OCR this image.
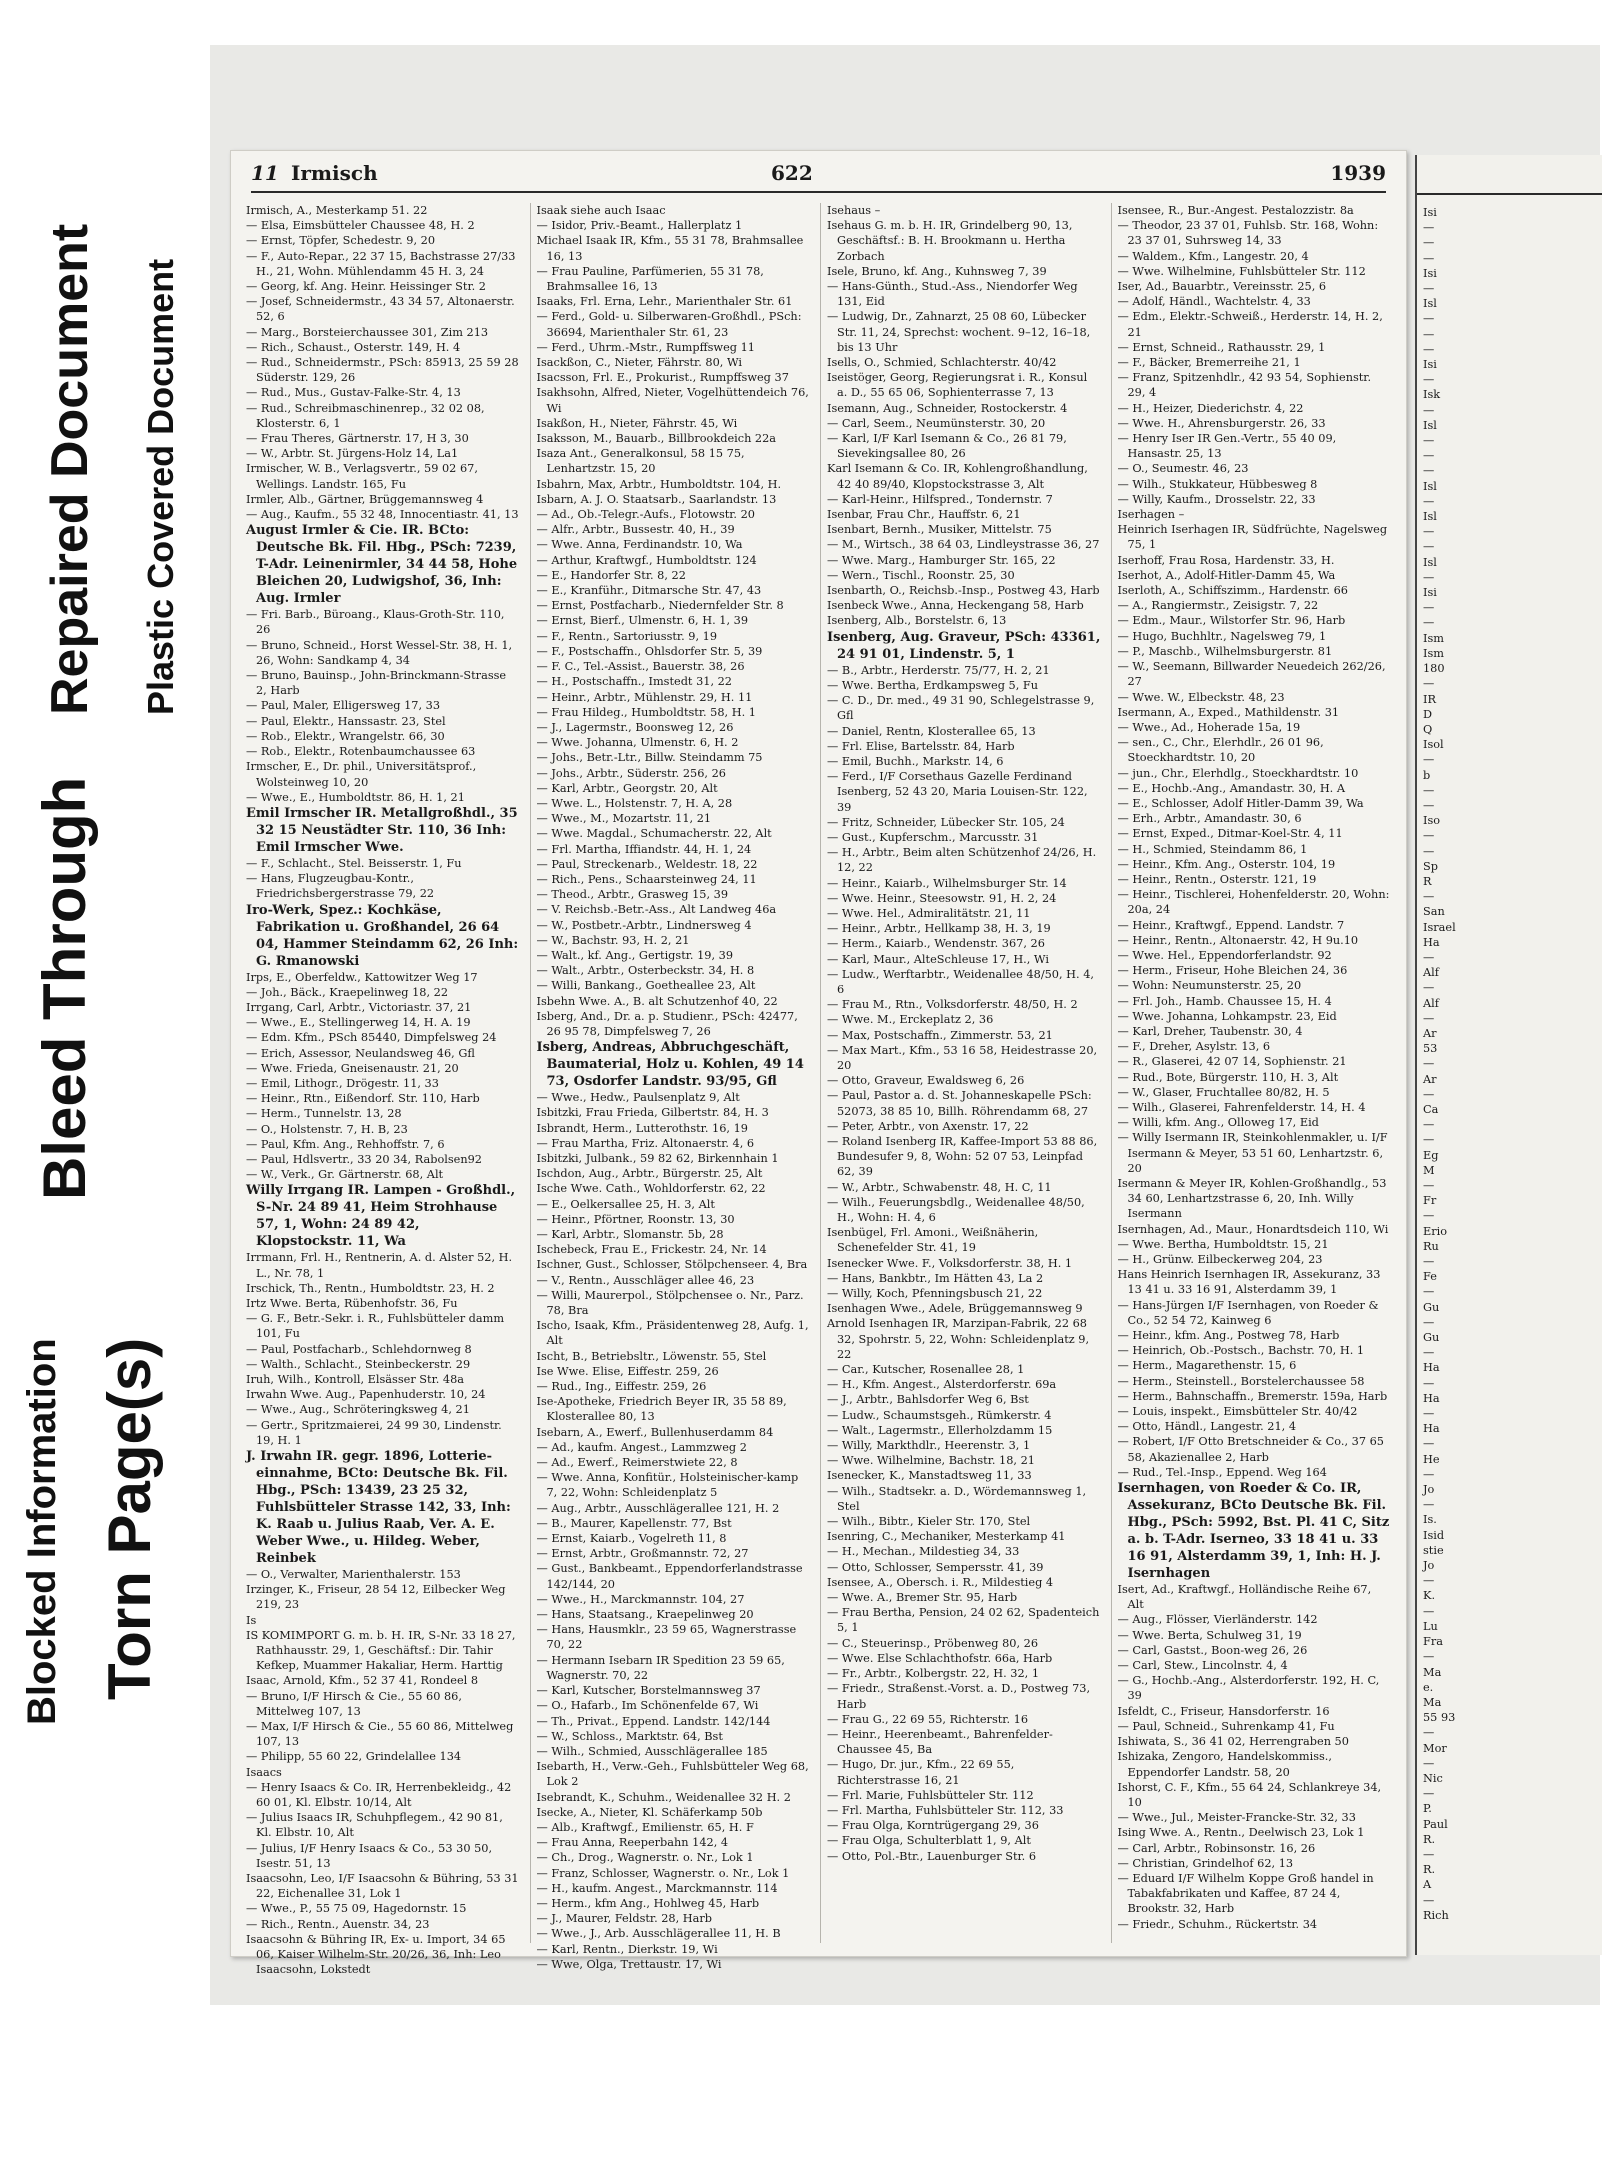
Blocked Information Torn Page(s)
Bleed Through
Repaired Document Plastic Covered Document
11 Irmisch	622	1939

Irmisch, A., Mesterkamp 51. 22

— Elsa, Eimsbütteler Chaussee 48, H. 2

— Ernst, Töpfer, Schedestr. 9, 20

— F., Auto-Repar., 22 37 15, Bachstrasse 27/33 H., 21, Wohn. Mühlendamm 45 H. 3, 24

— Georg, kf. Ang. Heinr. Heissinger Str. 2

— Josef, Schneidermstr., 43 34 57, Altonaerstr. 52, 6

— Marg., Borsteierchaussee 301, Zim 213

— Rich., Schaust., Osterstr. 149, H. 4

— Rud., Schneidermstr., PSch: 85913, 25 59 28 Süderstr. 129, 26

— Rud., Mus., Gustav-Falke-Str. 4, 13

— Rud., Schreibmaschinenrep., 32 02 08, Klosterstr. 6, 1

— Frau Theres, Gärtnerstr. 17, H 3, 30

— W., Arbtr. St. Jürgens-Holz 14, La1

Irmischer, W. B., Verlagsvertr., 59 02 67, Wellings. Landstr. 165, Fu

Irmler, Alb., Gärtner, Brüggemannsweg 4

— Aug., Kaufm., 55 32 48, Innocentiastr. 41, 13

August Irmler & Cie. IR. BCto: Deutsche Bk. Fil. Hbg., PSch: 7239, T-Adr. Leinenirmler, 34 44 58, Hohe Bleichen 20, Ludwigshof, 36, Inh: Aug. Irmler

— Fri. Barb., Büroang., Klaus-Groth-Str. 110, 26

— Bruno, Schneid., Horst Wessel-Str. 38, H. 1, 26, Wohn: Sandkamp 4, 34

— Bruno, Bauinsp., John-Brinckmann-Strasse 2, Harb

— Paul, Maler, Elligersweg 17, 33

— Paul, Elektr., Hanssastr. 23, Stel

— Rob., Elektr., Wrangelstr. 66, 30

— Rob., Elektr., Rotenbaumchaussee 63

Irmscher, E., Dr. phil., Universitätsprof., Wolsteinweg 10, 20

— Wwe., E., Humboldtstr. 86, H. 1, 21

Emil Irmscher IR. Metallgroßhdl., 35 32 15 Neustädter Str. 110, 36 Inh: Emil Irmscher Wwe.

— F., Schlacht., Stel. Beisserstr. 1, Fu

— Hans, Flugzeugbau-Kontr., Friedrichsbergerstrasse 79, 22

Iro-Werk, Spez.: Kochkäse, Fabrikation u. Großhandel, 26 64 04, Hammer Steindamm 62, 26 Inh: G. Rmanowski

Irps, E., Oberfeldw., Kattowitzer Weg 17

— Joh., Bäck., Kraepelinweg 18, 22

Irrgang, Carl, Arbtr., Victoriastr. 37, 21

— Wwe., E., Stellingerweg 14, H. A. 19

— Edm. Kfm., PSch 85440, Dimpfelsweg 24

— Erich, Assessor, Neulandsweg 46, Gfl

— Wwe. Frieda, Gneisenaustr. 21, 20

— Emil, Lithogr., Drögestr. 11, 33

— Heinr., Rtn., Eißendorf. Str. 110, Harb

— Herm., Tunnelstr. 13, 28

— O., Holstenstr. 7, H. B, 23

— Paul, Kfm. Ang., Rehhoffstr. 7, 6

— Paul, Hdlsvertr., 33 20 34, Rabolsen92

— W., Verk., Gr. Gärtnerstr. 68, Alt

Willy Irrgang IR. Lampen - Großhdl., S-Nr. 24 89 41, Heim Strohhause 57, 1, Wohn: 24 89 42, Klopstockstr. 11, Wa

Irrmann, Frl. H., Rentnerin, A. d. Alster 52, H. L., Nr. 78, 1

Irschick, Th., Rentn., Humboldtstr. 23, H. 2

Irtz Wwe. Berta, Rübenhofstr. 36, Fu

— G. F., Betr.-Sekr. i. R., Fuhlsbütteler damm 101, Fu

— Paul, Postfacharb., Schlehdornweg 8

— Walth., Schlacht., Steinbeckerstr. 29

Iruh, Wilh., Kontroll, Elsässer Str. 48a

Irwahn Wwe. Aug., Papenhuderstr. 10, 24

— Wwe., Aug., Schröteringksweg 4, 21

— Gertr., Spritzmaierei, 24 99 30, Lindenstr. 19, H. 1

J. Irwahn IR. gegr. 1896, Lotterie-einnahme, BCto: Deutsche Bk. Fil. Hbg., PSch: 13439, 23 25 32, Fuhlsbütteler Strasse 142, 33, Inh: K. Raab u. Julius Raab, Ver. A. E. Weber Wwe., u. Hildeg. Weber, Reinbek

— O., Verwalter, Marienthalerstr. 153

Irzinger, K., Friseur, 28 54 12, Eilbecker Weg 219, 23

Is

IS KOMIMPORT G. m. b. H. IR, S-Nr. 33 18 27, Rathhausstr. 29, 1, Geschäftsf.: Dir. Tahir Kefkep, Muammer Hakaliar, Herm. Harttig

Isaac, Arnold, Kfm., 52 37 41, Rondeel 8

— Bruno, I/F Hirsch & Cie., 55 60 86, Mittelweg 107, 13

— Max, I/F Hirsch & Cie., 55 60 86, Mittelweg 107, 13

— Philipp, 55 60 22, Grindelallee 134

Isaacs

— Henry Isaacs & Co. IR, Herrenbekleidg., 42 60 01, Kl. Elbstr. 10/14, Alt

— Julius Isaacs IR, Schuhpflegem., 42 90 81, Kl. Elbstr. 10, Alt

— Julius, I/F Henry Isaacs & Co., 53 30 50, Isestr. 51, 13

Isaacsohn, Leo, I/F Isaacsohn & Bühring, 53 31 22, Eichenallee 31, Lok 1

— Wwe., P., 55 75 09, Hagedornstr. 15

— Rich., Rentn., Auenstr. 34, 23

Isaacsohn & Bühring IR, Ex- u. Import, 34 65 06, Kaiser Wilhelm-Str. 20/26, 36, Inh: Leo Isaacsohn, Lokstedt

Isaak siehe auch Isaac

— Isidor, Priv.-Beamt., Hallerplatz 1

Michael Isaak IR, Kfm., 55 31 78, Brahmsallee 16, 13

— Frau Pauline, Parfümerien, 55 31 78, Brahmsallee 16, 13

Isaaks, Frl. Erna, Lehr., Marienthaler Str. 61

— Ferd., Gold- u. Silberwaren-Großhdl., PSch: 36694, Marienthaler Str. 61, 23

— Ferd., Uhrm.-Mstr., Rumpffsweg 11

Isackßon, C., Nieter, Fährstr. 80, Wi

Isacsson, Frl. E., Prokurist., Rumpffsweg 37

Isakhsohn, Alfred, Nieter, Vogelhüttendeich 76, Wi

Isakßon, H., Nieter, Fährstr. 45, Wi

Isaksson, M., Bauarb., Billbrookdeich 22a

Isaza Ant., Generalkonsul, 58 15 75, Lenhartzstr. 15, 20

Isbahrn, Max, Arbtr., Humboldtstr. 104, H.

Isbarn, A. J. O. Staatsarb., Saarlandstr. 13

— Ad., Ob.-Telegr.-Aufs., Flotowstr. 20

— Alfr., Arbtr., Bussestr. 40, H., 39

— Wwe. Anna, Ferdinandstr. 10, Wa

— Arthur, Kraftwgf., Humboldtstr. 124

— E., Handorfer Str. 8, 22

— E., Kranführ., Ditmarsche Str. 47, 43

— Ernst, Postfacharb., Niedernfelder Str. 8

— Ernst, Bierf., Ulmenstr. 6, H. 1, 39

— F., Rentn., Sartoriusstr. 9, 19

— F., Postschaffn., Ohlsdorfer Str. 5, 39

— F. C., Tel.-Assist., Bauerstr. 38, 26

— H., Postschaffn., Imstedt 31, 22

— Heinr., Arbtr., Mühlenstr. 29, H. 11

— Frau Hildeg., Humboldtstr. 58, H. 1

— J., Lagermstr., Boonsweg 12, 26

— Wwe. Johanna, Ulmenstr. 6, H. 2

— Johs., Betr.-Ltr., Billw. Steindamm 75

— Johs., Arbtr., Süderstr. 256, 26

— Karl, Arbtr., Georgstr. 20, Alt

— Wwe. L., Holstenstr. 7, H. A, 28

— Wwe., M., Mozartstr. 11, 21

— Wwe. Magdal., Schumacherstr. 22, Alt

— Frl. Martha, Iffiandstr. 44, H. 1, 24

— Paul, Streckenarb., Weldestr. 18, 22

— Rich., Pens., Schaarsteinweg 24, 11

— Theod., Arbtr., Grasweg 15, 39

— V. Reichsb.-Betr.-Ass., Alt Landweg 46a

— W., Postbetr.-Arbtr., Lindnersweg 4

— W., Bachstr. 93, H. 2, 21

— Walt., kf. Ang., Gertigstr. 19, 39

— Walt., Arbtr., Osterbeckstr. 34, H. 8

— Willi, Bankang., Goetheallee 23, Alt

Isbehn Wwe. A., B. alt Schutzenhof 40, 22

Isberg, And., Dr. a. p. Studienr., PSch: 42477, 26 95 78, Dimpfelsweg 7, 26

Isberg, Andreas, Abbruchgeschäft, Baumaterial, Holz u. Kohlen, 49 14 73, Osdorfer Landstr. 93/95, Gfl

— Wwe., Hedw., Paulsenplatz 9, Alt

Isbitzki, Frau Frieda, Gilbertstr. 84, H. 3

Isbrandt, Herm., Lutterothstr. 16, 19

— Frau Martha, Friz. Altonaerstr. 4, 6

Isbitzki, Julbank., 59 82 62, Birkennhain 1

Ischdon, Aug., Arbtr., Bürgerstr. 25, Alt

Ische Wwe. Cath., Wohldorferstr. 62, 22

— E., Oelkersallee 25, H. 3, Alt

— Heinr., Pförtner, Roonstr. 13, 30

— Karl, Arbtr., Slomanstr. 5b, 28

Ischebeck, Frau E., Frickestr. 24, Nr. 14

Ischner, Gust., Schlosser, Stölpchenseer. 4, Bra

— V., Rentn., Ausschläger allee 46, 23

— Willi, Maurerpol., Stölpchensee o. Nr., Parz. 78, Bra

Ischo, Isaak, Kfm., Präsidentenweg 28, Aufg. 1, Alt

Ischt, B., Betriebsltr., Löwenstr. 55, Stel

Ise Wwe. Elise, Eiffestr. 259, 26

— Rud., Ing., Eiffestr. 259, 26

Ise-Apotheke, Friedrich Beyer IR, 35 58 89, Klosterallee 80, 13

Isebarn, A., Ewerf., Bullenhuserdamm 84

— Ad., kaufm. Angest., Lammzweg 2

— Ad., Ewerf., Reimerstwiete 22, 8

— Wwe. Anna, Konfitür., Holsteinischer-kamp 7, 22, Wohn: Schleidenplatz 5

— Aug., Arbtr., Ausschlägerallee 121, H. 2

— B., Maurer, Kapellenstr. 77, Bst

— Ernst, Kaiarb., Vogelreth 11, 8

— Ernst, Arbtr., Großmannstr. 72, 27

— Gust., Bankbeamt., Eppendorferlandstrasse 142/144, 20

— Wwe., H., Marckmannstr. 104, 27

— Hans, Staatsang., Kraepelinweg 20

— Hans, Hausmklr., 23 59 65, Wagnerstrasse 70, 22

— Hermann Isebarn IR Spedition 23 59 65, Wagnerstr. 70, 22

— Karl, Kutscher, Borstelmannsweg 37

— O., Hafarb., Im Schönenfelde 67, Wi

— Th., Privat., Eppend. Landstr. 142/144

— W., Schloss., Marktstr. 64, Bst

— Wilh., Schmied, Ausschlägerallee 185

Isebarth, H., Verw.-Geh., Fuhlsbütteler Weg 68, Lok 2

Isebrandt, K., Schuhm., Weidenallee 32 H. 2

Isecke, A., Nieter, Kl. Schäferkamp 50b

— Alb., Kraftwgf., Emilienstr. 65, H. F

— Frau Anna, Reeperbahn 142, 4

— Ch., Drog., Wagnerstr. o. Nr., Lok 1

— Franz, Schlosser, Wagnerstr. o. Nr., Lok 1

— H., kaufm. Angest., Marckmannstr. 114

— Herm., kfm Ang., Hohlweg 45, Harb

— J., Maurer, Feldstr. 28, Harb

— Wwe., J., Arb. Ausschlägerallee 11, H. B

— Karl, Rentn., Dierkstr. 19, Wi

— Wwe, Olga, Trettaustr. 17, Wi

Isehaus –

Isehaus G. m. b. H. IR, Grindelberg 90, 13, Geschäftsf.: B. H. Brookmann u. Hertha Zorbach

Isele, Bruno, kf. Ang., Kuhnsweg 7, 39

— Hans-Günth., Stud.-Ass., Niendorfer Weg 131, Eid

— Ludwig, Dr., Zahnarzt, 25 08 60, Lübecker Str. 11, 24, Sprechst: wochent. 9–12, 16–18, bis 13 Uhr

Isells, O., Schmied, Schlachterstr. 40/42

Iseistöger, Georg, Regierungsrat i. R., Konsul a. D., 55 65 06, Sophienterrasse 7, 13

Isemann, Aug., Schneider, Rostockerstr. 4

— Carl, Seem., Neumünsterstr. 30, 20

— Karl, I/F Karl Isemann & Co., 26 81 79, Sievekingsallee 80, 26

Karl Isemann & Co. IR, Kohlengroßhandlung, 42 40 89/40, Klopstockstrasse 3, Alt

— Karl-Heinr., Hilfspred., Tondernstr. 7

Isenbar, Frau Chr., Hauffstr. 6, 21

Isenbart, Bernh., Musiker, Mittelstr. 75

— M., Wirtsch., 38 64 03, Lindleystrasse 36, 27

— Wwe. Marg., Hamburger Str. 165, 22

— Wern., Tischl., Roonstr. 25, 30

Isenbarth, O., Reichsb.-Insp., Postweg 43, Harb

Isenbeck Wwe., Anna, Heckengang 58, Harb

Isenberg, Alb., Borstelstr. 6, 13

Isenberg, Aug. Graveur, PSch: 43361, 24 91 01, Lindenstr. 5, 1

— B., Arbtr., Herderstr. 75/77, H. 2, 21

— Wwe. Bertha, Erdkampsweg 5, Fu

— C. D., Dr. med., 49 31 90, Schlegelstrasse 9, Gfl

— Daniel, Rentn, Klosterallee 65, 13

— Frl. Elise, Bartelsstr. 84, Harb

— Emil, Buchh., Markstr. 14, 6

— Ferd., I/F Corsethaus Gazelle Ferdinand Isenberg, 52 43 20, Maria Louisen-Str. 122, 39

— Fritz, Schneider, Lübecker Str. 105, 24

— Gust., Kupferschm., Marcusstr. 31

— H., Arbtr., Beim alten Schützenhof 24/26, H. 12, 22

— Heinr., Kaiarb., Wilhelmsburger Str. 14

— Wwe. Heinr., Steesowstr. 91, H. 2, 24

— Wwe. Hel., Admiralitätstr. 21, 11

— Heinr., Arbtr., Hellkamp 38, H. 3, 19

— Herm., Kaiarb., Wendenstr. 367, 26

— Karl, Maur., AlteSchleuse 17, H., Wi

— Ludw., Werftarbtr., Weidenallee 48/50, H. 4, 6

— Frau M., Rtn., Volksdorferstr. 48/50, H. 2

— Wwe. M., Erckeplatz 2, 36

— Max, Postschaffn., Zimmerstr. 53, 21

— Max Mart., Kfm., 53 16 58, Heidestrasse 20, 20

— Otto, Graveur, Ewaldsweg 6, 26

— Paul, Pastor a. d. St. Johanneskapelle PSch: 52073, 38 85 10, Billh. Röhrendamm 68, 27

— Peter, Arbtr., von Axenstr. 17, 22

— Roland Isenberg IR, Kaffee-Import 53 88 86, Bundesufer 9, 8, Wohn: 52 07 53, Leinpfad 62, 39

— W., Arbtr., Schwabenstr. 48, H. C, 11

— Wilh., Feuerungsbdlg., Weidenallee 48/50, H., Wohn: H. 4, 6

Isenbügel, Frl. Amoni., Weißnäherin, Schenefelder Str. 41, 19

Isenecker Wwe. F., Volksdorferstr. 38, H. 1

— Hans, Bankbtr., Im Hätten 43, La 2

— Willy, Koch, Pfenningsbusch 21, 22

Isenhagen Wwe., Adele, Brüggemannsweg 9

Arnold Isenhagen IR, Marzipan-Fabrik, 22 68 32, Spohrstr. 5, 22, Wohn: Schleidenplatz 9, 22

— Car., Kutscher, Rosenallee 28, 1

— H., Kfm. Angest., Alsterdorferstr. 69a

— J., Arbtr., Bahlsdorfer Weg 6, Bst

— Ludw., Schaumstsgeh., Rümkerstr. 4

— Walt., Lagermstr., Ellerholzdamm 15

— Willy, Markthdlr., Heerenstr. 3, 1

— Wwe. Wilhelmine, Bachstr. 18, 21

Isenecker, K., Manstadtsweg 11, 33

— Wilh., Stadtsekr. a. D., Wördemannsweg 1, Stel

— Wilh., Bibtr., Kieler Str. 170, Stel

Isenring, C., Mechaniker, Mesterkamp 41

— H., Mechan., Mildestieg 34, 33

— Otto, Schlosser, Sempersstr. 41, 39

Isensee, A., Obersch. i. R., Mildestieg 4

— Wwe. A., Bremer Str. 95, Harb

— Frau Bertha, Pension, 24 02 62, Spadenteich 5, 1

— C., Steuerinsp., Pröbenweg 80, 26

— Wwe. Else Schlachthofstr. 66a, Harb

— Fr., Arbtr., Kolbergstr. 22, H. 32, 1

— Friedr., Straßenst.-Vorst. a. D., Postweg 73, Harb

— Frau G., 22 69 55, Richterstr. 16

— Heinr., Heerenbeamt., Bahrenfelder-Chaussee 45, Ba

— Hugo, Dr. jur., Kfm., 22 69 55, Richterstrasse 16, 21

— Frl. Marie, Fuhlsbütteler Str. 112

— Frl. Martha, Fuhlsbütteler Str. 112, 33

— Frau Olga, Korntrügergang 29, 36

— Frau Olga, Schulterblatt 1, 9, Alt

— Otto, Pol.-Btr., Lauenburger Str. 6

Isensee, R., Bur.-Angest. Pestalozzistr. 8a

— Theodor, 23 37 01, Fuhlsb. Str. 168, Wohn: 23 37 01, Suhrsweg 14, 33

— Waldem., Kfm., Langestr. 20, 4

— Wwe. Wilhelmine, Fuhlsbütteler Str. 112

Iser, Ad., Bauarbtr., Vereinsstr. 25, 6

— Adolf, Händl., Wachtelstr. 4, 33

— Edm., Elektr.-Schweiß., Herderstr. 14, H. 2, 21

— Ernst, Schneid., Rathausstr. 29, 1

— F., Bäcker, Bremerreihe 21, 1

— Franz, Spitzenhdlr., 42 93 54, Sophienstr. 29, 4

— H., Heizer, Diederichstr. 4, 22

— Wwe. H., Ahrensburgerstr. 26, 33

— Henry Iser IR Gen.-Vertr., 55 40 09, Hansastr. 25, 13

— O., Seumestr. 46, 23

— Wilh., Stukkateur, Hübbesweg 8

— Willy, Kaufm., Drosselstr. 22, 33

Iserhagen –

Heinrich Iserhagen IR, Südfrüchte, Nagelsweg 75, 1

Iserhoff, Frau Rosa, Hardenstr. 33, H.

Iserhot, A., Adolf-Hitler-Damm 45, Wa

Iserloth, A., Schiffszimm., Hardenstr. 66

— A., Rangiermstr., Zeisigstr. 7, 22

— Edm., Maur., Wilstorfer Str. 96, Harb

— Hugo, Buchhltr., Nagelsweg 79, 1

— P., Maschb., Wilhelmsburgerstr. 81

— W., Seemann, Billwarder Neuedeich 262/26, 27

— Wwe. W., Elbeckstr. 48, 23

Isermann, A., Exped., Mathildenstr. 31

— Wwe., Ad., Hoherade 15a, 19

— sen., C., Chr., Elerhdlr., 26 01 96, Stoeckhardtstr. 10, 20

— jun., Chr., Elerhdlg., Stoeckhardtstr. 10

— E., Hochb.-Ang., Amandastr. 30, H. A

— E., Schlosser, Adolf Hitler-Damm 39, Wa

— Erh., Arbtr., Amandastr. 30, 6

— Ernst, Exped., Ditmar-Koel-Str. 4, 11

— H., Schmied, Steindamm 86, 1

— Heinr., Kfm. Ang., Osterstr. 104, 19

— Heinr., Rentn., Osterstr. 121, 19

— Heinr., Tischlerei, Hohenfelderstr. 20, Wohn: 20a, 24

— Heinr., Kraftwgf., Eppend. Landstr. 7

— Heinr., Rentn., Altonaerstr. 42, H 9u.10

— Wwe. Hel., Eppendorferlandstr. 92

— Herm., Friseur, Hohe Bleichen 24, 36

— Wohn: Neumunsterstr. 25, 20

— Frl. Joh., Hamb. Chaussee 15, H. 4

— Wwe. Johanna, Lohkampstr. 23, Eid

— Karl, Dreher, Taubenstr. 30, 4

— F., Dreher, Asylstr. 13, 6

— R., Glaserei, 42 07 14, Sophienstr. 21

— Rud., Bote, Bürgerstr. 110, H. 3, Alt

— W., Glaser, Fruchtallee 80/82, H. 5

— Wilh., Glaserei, Fahrenfelderstr. 14, H. 4

— Willi, kfm. Ang., Olloweg 17, Eid

— Willy Isermann IR, Steinkohlenmakler, u. I/F Isermann & Meyer, 53 51 60, Lenhartzstr. 6, 20

Isermann & Meyer IR, Kohlen-Großhandlg., 53 34 60, Lenhartzstrasse 6, 20, Inh. Willy Isermann

Isernhagen, Ad., Maur., Honardtsdeich 110, Wi

— Wwe. Bertha, Humboldtstr. 15, 21

— H., Grünw. Eilbeckerweg 204, 23

Hans Heinrich Isernhagen IR, Assekuranz, 33 13 41 u. 33 16 91, Alsterdamm 39, 1

— Hans-Jürgen I/F Isernhagen, von Roeder & Co., 52 54 72, Kainweg 6

— Heinr., kfm. Ang., Postweg 78, Harb

— Heinrich, Ob.-Postsch., Bachstr. 70, H. 1

— Herm., Magarethenstr. 15, 6

— Herm., Steinstell., Borstelerchaussee 58

— Herm., Bahnschaffn., Bremerstr. 159a, Harb

— Louis, inspekt., Eimsbütteler Str. 40/42

— Otto, Händl., Langestr. 21, 4

— Robert, I/F Otto Bretschneider & Co., 37 65 58, Akazienallee 2, Harb

— Rud., Tel.-Insp., Eppend. Weg 164

Isernhagen, von Roeder & Co. IR, Assekuranz, BCto Deutsche Bk. Fil. Hbg., PSch: 5992, Bst. Pl. 41 C, Sitz a. b. T-Adr. Iserneo, 33 18 41 u. 33 16 91, Alsterdamm 39, 1, Inh: H. J. Isernhagen

Isert, Ad., Kraftwgf., Holländische Reihe 67, Alt

— Aug., Flösser, Vierländerstr. 142

— Wwe. Berta, Schulweg 31, 19

— Carl, Gastst., Boon-weg 26, 26

— Carl, Stew., Lincolnstr. 4, 4

— G., Hochb.-Ang., Alsterdorferstr. 192, H. C, 39

Isfeldt, C., Friseur, Hansdorferstr. 16

— Paul, Schneid., Suhrenkamp 41, Fu

Ishiwata, S., 36 41 02, Herrengraben 50

Ishizaka, Zengoro, Handelskommiss., Eppendorfer Landstr. 58, 20

Ishorst, C. F., Kfm., 55 64 24, Schlankreye 34, 10

— Wwe., Jul., Meister-Francke-Str. 32, 33

Ising Wwe. A., Rentn., Deelwisch 23, Lok 1

— Carl, Arbtr., Robinsonstr. 16, 26

— Christian, Grindelhof 62, 13

— Eduard I/F Wilhelm Koppe Groß handel in Tabakfabrikaten und Kaffee, 87 24 4, Brookstr. 32, Harb

— Friedr., Schuhm., Rückertstr. 34

Isi

—

—

—

Isi

—

Isl

—

—

—

Isi

—

Isk

—

Isl

—

—

—

Isl

—

Isl

—

—

Isl

—

Isi

—

—

Ism

Ism

180

—

IR

D

Q

Isol

—

b

—

—

Iso

—

—

Sp

R

—

San

Israel

Ha

—

Alf

—

Alf

—

Ar

53

—

Ar

—

Ca

—

—

Eg

M

—

Fr

—

Erio

Ru

—

Fe

—

Gu

—

Gu

—

Ha

—

Ha

—

Ha

—

He

—

Jo

—

Is.

Isid

stie

Jo

—

K.

—

Lu

Fra

—

Ma

e.

Ma

55 93

—

Mor

—

Nic

—

P.

Paul

R.

—

R.

A

—

Rich
